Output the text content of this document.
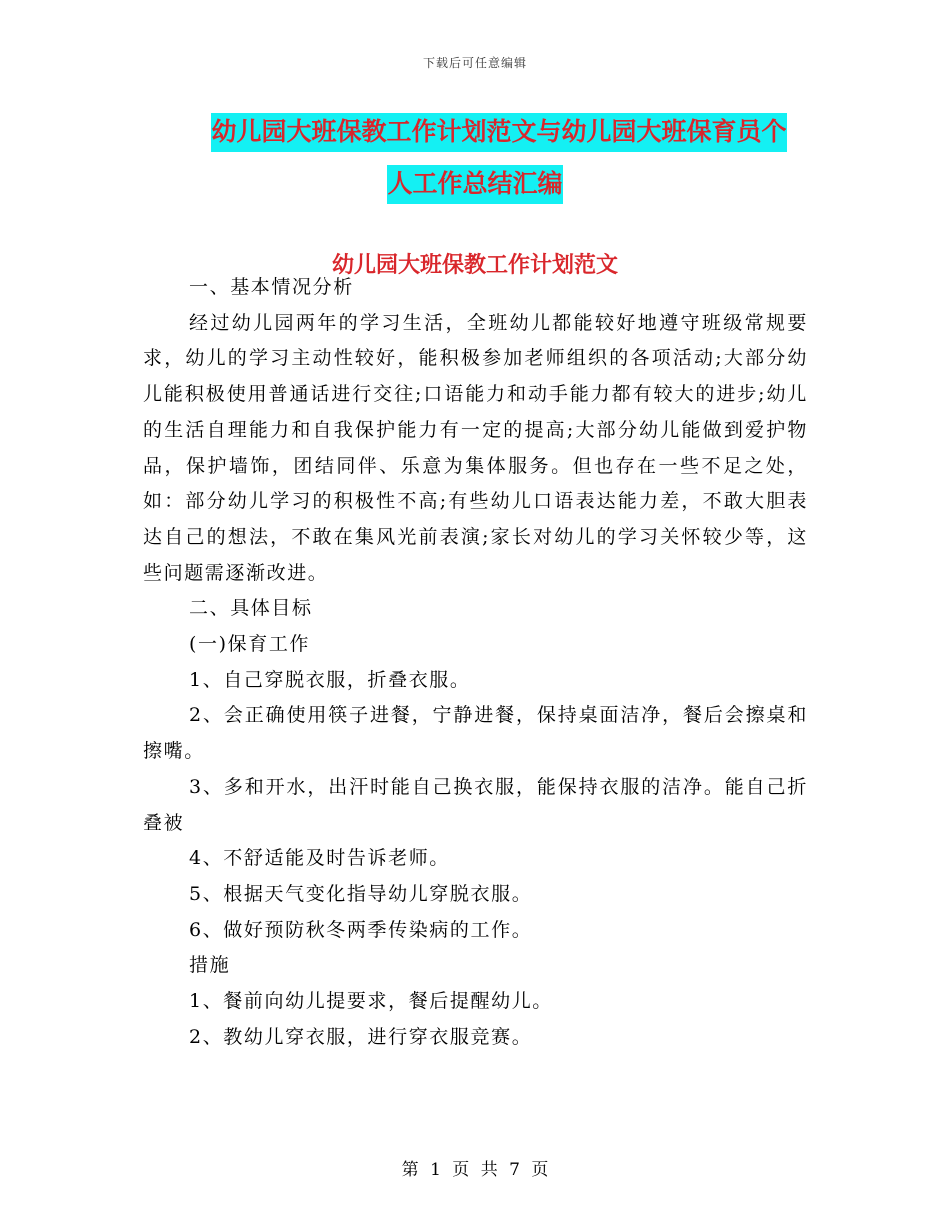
下载后可任意编辑
幼儿园大班保教工作计划范文与幼儿园大班保育员个
人工作总结汇编
幼儿园大班保教工作计划范文

一、基本情况分析

经过幼儿园两年的学习生活，全班幼儿都能较好地遵守班级常规要求，幼儿的学习主动性较好，能积极参加老师组织的各项活动;大部分幼儿能积极使用普通话进行交往;口语能力和动手能力都有较大的进步;幼儿的生活自理能力和自我保护能力有一定的提高;大部分幼儿能做到爱护物品，保护墙饰，团结同伴、乐意为集体服务。但也存在一些不足之处，如：部分幼儿学习的积极性不高;有些幼儿口语表达能力差，不敢大胆表达自己的想法，不敢在集风光前表演;家长对幼儿的学习关怀较少等，这些问题需逐渐改进。

二、具体目标

(一)保育工作

1、自己穿脱衣服，折叠衣服。

2、会正确使用筷子进餐，宁静进餐，保持桌面洁净，餐后会擦桌和擦嘴。

3、多和开水，出汗时能自己换衣服，能保持衣服的洁净。能自己折叠被

4、不舒适能及时告诉老师。

5、根据天气变化指导幼儿穿脱衣服。

6、做好预防秋冬两季传染病的工作。

措施

1、餐前向幼儿提要求，餐后提醒幼儿。

2、教幼儿穿衣服，进行穿衣服竞赛。

第 1 页 共 7 页
